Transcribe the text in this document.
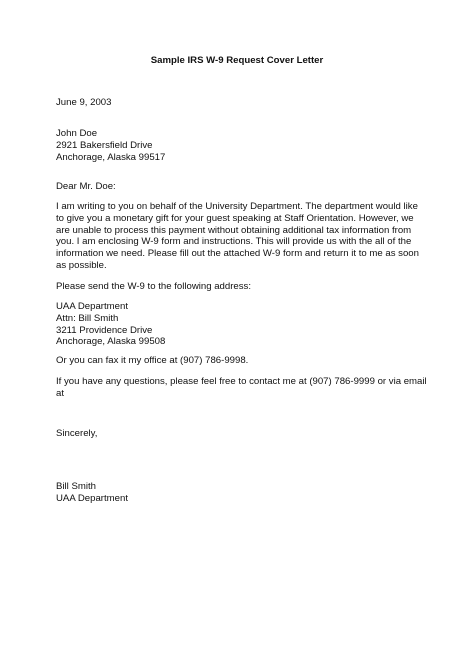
Sample IRS W-9 Request Cover Letter
June 9, 2003
John Doe
2921 Bakersfield Drive
Anchorage, Alaska 99517
Dear Mr. Doe:
I am writing to you on behalf of the University Department. The department would like
to give you a monetary gift for your guest speaking at Staff Orientation. However, we
are unable to process this payment without obtaining additional tax information from
you. I am enclosing W-9 form and instructions. This will provide us with the all of the
information we need. Please fill out the attached W-9 form and return it to me as soon
as possible.
Please send the W-9 to the following address:
UAA Department
Attn: Bill Smith
3211 Providence Drive
Anchorage, Alaska 99508
Or you can fax it my office at (907) 786-9998.
If you have any questions, please feel free to contact me at (907) 786-9999 or via email
at
Sincerely,
Bill Smith
UAA Department
